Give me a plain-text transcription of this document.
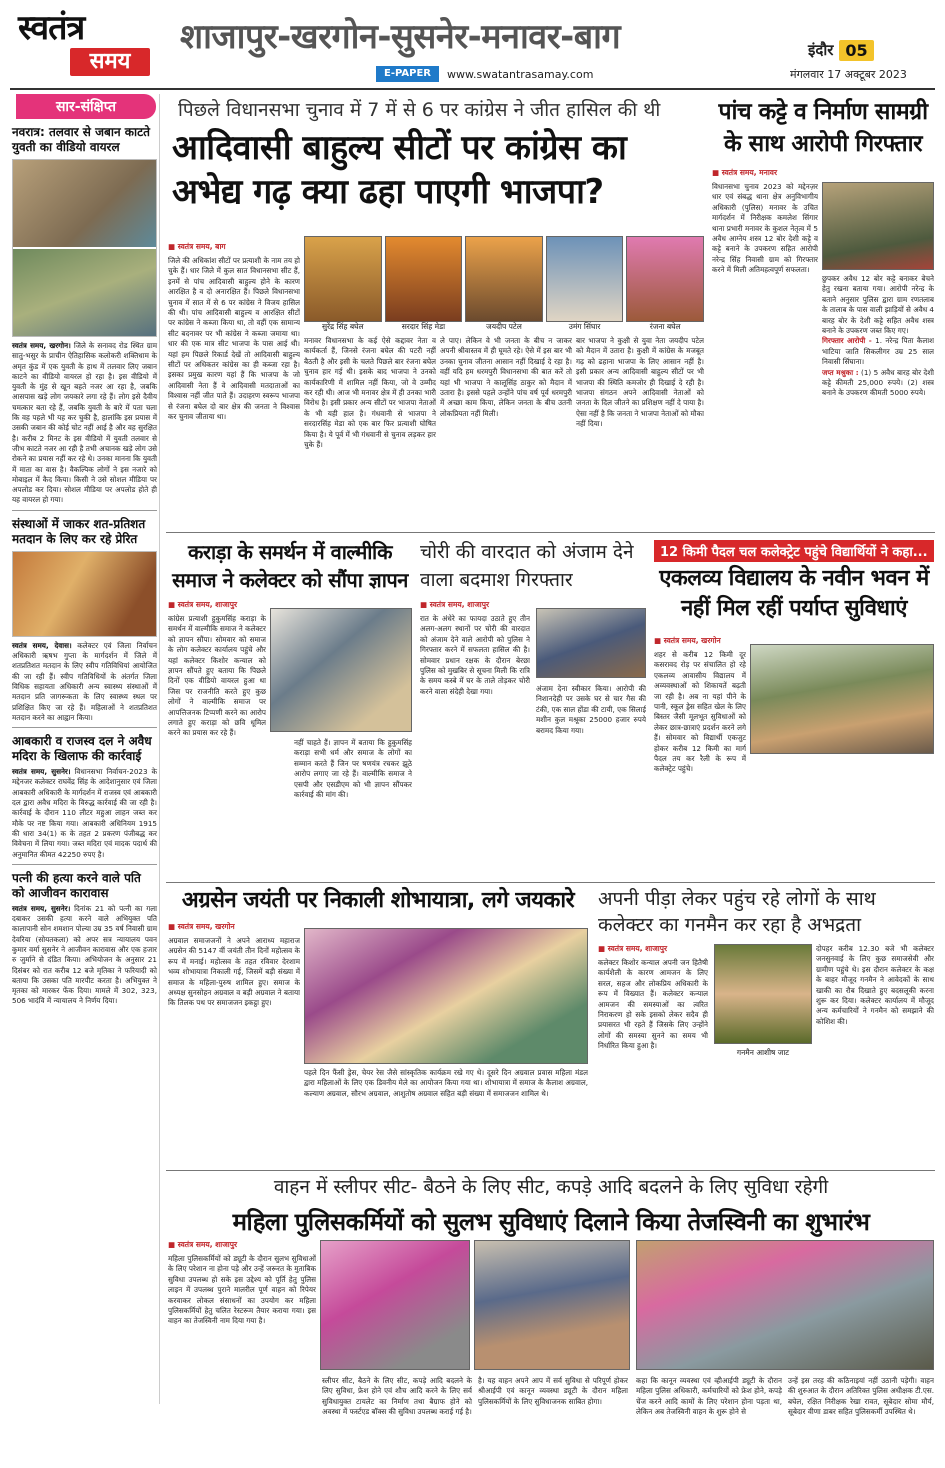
स्वतंत्र
समय
शाजापुर-खरगोन-सुसनेर-मनावर-बाग
E-PAPER	www.swatantrasamay.com
इंदौर 05
मंगलवार 17 अक्टूबर 2023
सार-संक्षिप्त
नवरात्र: तलवार से जबान काटते युवती का वीडियो वायरल
स्वतंत्र समय, खरगोन। जिले के सनावद रोड स्थित ग्राम सातु-भसुर के प्राचीन ऐतिहासिक कलोकरी शक्तिधाम के अमृत कुंड में एक युवती के हाथ में तलवार लिए जबान काटने का वीडियो वायरल हो रहा है। इस वीडियो में युवती के मुंह से खून बहते नजर आ रहा है, जबकि आसपास खड़े लोग जयकारे लगा रहे हैं। लोग इसे दैवीय चमत्कार बता रहे हैं, जबकि युवती के बारे में पता चला कि वह पहले भी यह कर चुकी है, हालांकि इस प्रयास में उसकी जबान की कोई चोट नहीं आई है और वह सुरक्षित है। करीब 2 मिनट के इस वीडियो में युवती तलवार से जीभ काटते नजर आ रही है तभी अचानक खड़े लोग उसे रोकने का प्रयास नहीं कर रहे थे। उनका मानना कि युवती में माता का वास है। वैकल्पिक लोगों ने इस नजारे को मोबाइल में कैद किया। किसी ने उसे सोशल मीडिया पर अपलोड कर दिया। सोशल मीडिया पर अपलोड होते ही यह वायरल हो गया।
संस्थाओं में जाकर शत-प्रतिशत मतदान के लिए कर रहे प्रेरित
स्वतंत्र समय, देवास। कलेक्टर एवं जिला निर्वाचन अधिकारी ऋषभ गुप्ता के मार्गदर्शन में जिले में शतप्रतिशत मतदान के लिए स्वीप गतिविधियां आयोजित की जा रही हैं। स्वीप गतिविधियों के अंतर्गत जिला विधिक सहायता अधिकारी अन्य स्वास्थ्य संस्थाओं में मतदान प्रति जागरूकता के लिए स्वास्थ्य स्थल पर प्रशिक्षित किए जा रहे हैं। महिलाओं ने शतप्रतिशत मतदान करने का आह्वान किया।
आबकारी व राजस्व दल ने अवैध मदिरा के खिलाफ की कार्रवाई
स्वतंत्र समय, सुसनेर। विधानसभा निर्वाचन-2023 के मद्देनजर कलेक्टर राघवेंद्र सिंह के आदेशानुसार एवं जिला आबकारी अधिकारी के मार्गदर्शन में राजस्व एवं आबकारी दल द्वारा अवैध मदिरा के विरुद्ध कार्रवाई की जा रही है। कार्रवाई के दौरान 110 लीटर महुआ लाहन जब्त कर मौके पर नष्ट किया गया। आबकारी अधिनियम 1915 की धारा 34(1) क के तहत 2 प्रकरण पंजीबद्ध कर विवेचना में लिया गया। जब्त मदिरा एवं मादक पदार्थ की अनुमानित कीमत 42250 रुपए है।
पत्नी की हत्या करने वाले पति को आजीवन कारावास
स्वतंत्र समय, सुसनेर। दिनांक 21 को पत्नी का गला दबाकर उसकी हत्या करने वाले अभियुक्त पति कालापानी सोन शमशान पोल्या उम्र 35 वर्ष निवासी ग्राम देवरिया (सोयतकला) को अपर सत्र न्यायालय पवन कुमार वर्मा सुसनेर ने आजीवन कारावास और एक हजार रु जुर्माने से दंडित किया। अभियोजन के अनुसार 21 दिसंबर को रात करीब 12 बजे मृतिका ने फरियादी को बताया कि उसका पति मारपीट करता है। अभियुक्त ने मृतका को मारकर फेंक दिया। मामले में 302, 323, 506 भादंवि में न्यायालय ने निर्णय दिया।
पिछले विधानसभा चुनाव में 7 में से 6 पर कांग्रेस ने जीत हासिल की थी
आदिवासी बाहुल्य सीटों पर कांग्रेस का
अभेद्य गढ़ क्या ढहा पाएगी भाजपा?
■ स्वतंत्र समय, बाग
जिले की अधिकांश सीटों पर प्रत्याशी के नाम तय हो चुके हैं। धार जिले में कुल सात विधानसभा सीट हैं, इनमें से पांच आदिवासी बाहुल्य होने के कारण आरक्षित है व दो अनारक्षित हैं। पिछले विधानसभा चुनाव में सात में से 6 पर कांग्रेस ने विजय हासिल की थी। पांच आदिवासी बाहुल्य व आरक्षित सीटों पर कांग्रेस ने कब्जा किया था, तो वहीं एक सामान्य सीट बदनावर पर भी कांग्रेस ने कब्जा जमाया था। धार की एक मात्र सीट भाजपा के पास आई थी। यहां हम पिछले रिकार्ड देखें तो आदिवासी बाहुल्य सीटों पर अधिकतर कांग्रेस का ही कब्जा रहा है। इसका प्रमुख कारण यहां हैं कि भाजपा के जो आदिवासी नेता हैं वे आदिवासी मतदाताओं का विश्वास नहीं जीत पाते हैं। उदाहरण स्वरूप भाजपा से रंजना बघेल दो बार क्षेत्र की जनता ने विश्वास कर चुनाव जीताया था।
सुरेंद्र सिंह बघेल	सरदार सिंह मेडा	जयदीप पटेल	उमंग सिंघार	रंजना बघेल
मनावर विधानसभा के कई ऐसे कद्दावर नेता व कार्यकर्ता हैं, जिनसे रंजना बघेल की पटरी नहीं बैठती है और इसी के चलते पिछले बार रंजना बघेल चुनाव हार गई थी। इसके बाद भाजपा ने उनको कार्यकारिणी में शामिल नहीं किया, जो वे उम्मीद कर रही थी। आज भी मनावर क्षेत्र में ही उनका भारी विरोध है। इसी प्रकार अन्य सीटों पर भाजपा नेताओं के भी यही हाल है। गंधवानी से भाजपा ने सरदारसिंह मेडा को एक बार फिर प्रत्याशी घोषित किया है। ये पूर्व में भी गंधवानी से चुनाव लड़कर हार चुके हैं।
ले पाए। लेकिन वे भी जनता के बीच न जाकर अपनी श्रीवास्तव में ही घूमते रहे। ऐसे में इस बार भी उनका चुनाव जीतना आसान नहीं दिखाई दे रहा है। वहीं यदि हम धरमपुरी विधानसभा की बात करें तो यहां भी भाजपा ने कालूसिंह ठाकुर को मैदान में उतारा है। इससे पहले उन्होंने पांच वर्ष पूर्व धरमपुरी में अच्छा काम किया, लेकिन जनता के बीच उतनी लोकप्रियता नहीं मिली।
बार भाजपा ने कुक्षी से युवा नेता जयदीप पटेल को मैदान में उतारा है। कुक्षी में कांग्रेस के मजबूत गढ़ को ढहाना भाजपा के लिए आसान नहीं है। इसी प्रकार अन्य आदिवासी बाहुल्य सीटों पर भी भाजपा की स्थिति कमजोर ही दिखाई दे रही है। भाजपा संगठन अपने आदिवासी नेताओं को जनता के दिल जीतने का प्रशिक्षण नहीं दे पाया है। ऐसा नहीं है कि जनता ने भाजपा नेताओं को मौका नहीं दिया।
पांच कट्टे व निर्माण सामग्री के साथ आरोपी गिरफ्तार
■ स्वतंत्र समय, मनावर
विधानसभा चुनाव 2023 को मद्देनज़र धार एवं संबद्ध थाना क्षेत्र अनुविभागीय अधिकारी (पुलिस) मनावर के उचित मार्गदर्शन में निरीक्षक कमलेश सिंगार थाना प्रभारी मनावर के कुशल नेतृत्व में 5 अवैध आग्नेय शस्त्र 12 बोर देशी कट्टे व कट्टे बनाने के उपकरण सहित आरोपी नरेन्द्र सिंह निवासी ग्राम को गिरफ्तार करने में मिली अतिमहत्वपूर्ण सफलता।
छुपकर अवैध 12 बोर कट्टे बनाकर बेचने हेतु रखना बताया गया। आरोपी नरेन्द्र के बताने अनुसार पुलिस द्वारा ग्राम रणतलाब के तालाब के पास वाली झाड़ियों से अवैध 4 बारह बोर के देशी कट्टे सहित अवैध शस्त्र बनाने के उपकरण जब्त किए गए।
गिरफ्तार आरोपी - 1. नरेन्द्र पिता कैलाश भाटिया जाति सिकलीगर उम्र 25 साल निवासी सिंघाना।
जप्त मश्रुका : (1) 5 अवैध बारह बोर देशी कट्टे कीमती 25,000 रुपये। (2) शस्त्र बनाने के उपकरण कीमती 5000 रुपये।
कराड़ा के समर्थन में वाल्मीकि समाज ने कलेक्टर को सौंपा ज्ञापन
■ स्वतंत्र समय, शाजापुर
कांग्रेस प्रत्याशी हुकुमसिंह कराड़ा के समर्थन में वाल्मीकि समाज ने कलेक्टर को ज्ञापन सौंपा। सोमवार को समाज के लोग कलेक्टर कार्यालय पहुंचे और यहां कलेक्टर किशोर कन्याल को ज्ञापन सौंपते हुए बताया कि पिछले दिनों एक वीडियो वायरल हुआ था जिस पर राजनीति करते हुए कुछ लोगों ने वाल्मीकि समाज पर आपत्तिजनक टिप्पणी करने का आरोप लगाते हुए कराड़ा को छवि धूमिल करने का प्रयास कर रहे हैं।
नहीं चाहते हैं। ज्ञापन में बताया कि हुकुमसिंह कराड़ा सभी धर्म और समाज के लोगों का सम्मान करते हैं जिन पर षणयंत्र रचकर झूठे आरोप लगाए जा रहे हैं। वाल्मीकि समाज ने एसपी और एसडीएम को भी ज्ञापन सौंपकर कार्रवाई की मांग की।
चोरी की वारदात को अंजाम देने वाला बदमाश गिरफ्तार
■ स्वतंत्र समय, शाजापुर
रात के अंधेरे का फायदा उठाते हुए तीन अलग-अलग स्थानों पर चोरी की वारदात को अंजाम देने वाले आरोपी को पुलिस ने गिरफ्तार करने में सफलता हासिल की है। सोमवार प्रधान रक्षक के दौरान बेरछा पुलिस को मुखबिर से सूचना मिली कि रात्रि के समय कस्बे में घर के ताले तोड़कर चोरी करने वाला संदेही देखा गया।	अंजाम देना स्वीकार किया। आरोपी की निशानदेही पर उसके घर से चार गैस की टंकी, एक साल होंडा की टायी, एक सिलाई मशीन कुल मश्रूका 25000 हजार रुपये बरामद किया गया।
12 किमी पैदल चल कलेक्ट्रेट पहुंचे विद्यार्थियों ने कहा...
एकलव्य विद्यालय के नवीन भवन में नहीं मिल रहीं पर्याप्त सुविधाएं
■ स्वतंत्र समय, खरगोन
शहर से करीब 12 किमी दूर कसरावद रोड़ पर संचालित हो रहे एकलव्य आवासीय विद्यालय में अव्यवस्थाओं को शिकायतें बढ़ती जा रही है। अब ना यहां पीने के पानी, स्कूल ड्रेस सहित खेल के लिए बिस्तर जैसी मूलभूत सुविधाओं को लेकर छात्र-छात्राएं प्रदर्शन करने लगे हैं। सोमवार को विद्यार्थी एकजुट होकर करीब 12 किमी का मार्ग पैदल तय कर रैली के रूप में कलेक्ट्रेट पहुंचे।
अग्रसेन जयंती पर निकाली शोभायात्रा, लगे जयकारे
■ स्वतंत्र समय, खरगोन
अग्रवाल समाजजनों ने अपने आराध्य महाराज अग्रसेन की 5147 वीं जयंती तीन दिनों महोत्सव के रूप में मनाई। महोत्सव के तहत रविवार देरशाम भव्य शोभायात्रा निकाली गई, जिसमें बड़ी संख्या में समाज के महिला-पुरुष शामिल हुए। समाज के अध्यक्ष सुनसोहन अग्रवाल व बड़ी अग्रवाल ने बताया कि तिलक पथ पर समाजजन इकट्ठा हुए।
पहले दिन फैंसी ड्रेस, चेयर रेस जैसे सांस्कृतिक कार्यक्रम रखे गए थे। दूसरे दिन अग्रवाल प्रवास महिला मंडल द्वारा महिलाओं के लिए एक डिवनीय मेले का आयोजन किया गया था। शोभायात्रा में समाज के कैलाश अग्रवाल, कल्याण अग्रवाल, सौरभ अग्रवाल, आशुतोष अग्रवाल सहित बड़ी संख्या में समाजजन शामिल थे।
अपनी पीड़ा लेकर पहुंच रहे लोगों के साथ कलेक्टर का गनमैन कर रहा है अभद्रता
■ स्वतंत्र समय, शाजापुर
कलेक्टर किशोर कन्याल अपनी जन हितैषी कार्यशैली के कारण आमजन के लिए सरल, सहज और लोकप्रिय अधिकारी के रूप में विख्यात हैं। कलेक्टर कन्याल आमजन की समस्याओं का त्वरित निराकरण हो सके इसको लेकर सदैव ही प्रयासरत भी रहते हैं जिसके लिए उन्होंने लोगों की समस्या सुनने का समय भी निर्धारित किया हुआ है।
गनमैन आशीष जाट
दोपहर करीब 12.30 बजे भी कलेक्टर जनसुनवाई के लिए कुछ समाजसेवी और ग्रामीण पहुंचे थे। इस दौरान कलेक्टर के कक्ष के बाहर मौजूद गनमैन ने आवेदकों के साथ खाकी का रौब दिखाते हुए बदसलूकी करना शुरू कर दिया। कलेक्टर कार्यालय में मौजूद अन्य कर्मचारियों ने गनमैन को समझाने की कोशिश की।
वाहन में स्लीपर सीट- बैठने के लिए सीट, कपड़े आदि बदलने के लिए सुविधा रहेगी
महिला पुलिसकर्मियों को सुलभ सुविधाएं दिलाने किया तेजस्विनी का शुभारंभ
■ स्वतंत्र समय, शाजापुर
महिला पुलिसकर्मियों को ड्यूटी के दौरान सुलभ सुविधाओं के लिए परेशान ना होना पड़े और उन्हें जरूरत के मुताबिक सुविधा उपलब्ध हो सके इस उद्देश्य को पूर्ति हेतु पुलिस लाइन में उपलब्ध पुराने मालरील पूर्ण वाहन को रिपेयर करवाकर लोकल संसाधनों का उपयोग कर महिला पुलिसकर्मियों हेतु चलित रेस्टरूम तैयार कराया गया। इस वाहन का तेजस्विनी नाम दिया गया है।
स्लीपर सीट, बैठने के लिए सीट, कपड़े आदि बदलने के लिए सुविधा, फ्रेश होने एवं शौच आदि करने के लिए सर्व सुविधायुक्त टायलेट का निर्माण तथा बैग्राफ होने को अवस्था में फर्स्टएड बॉक्स की सुविधा उपलब्ध कराई गई है।
है। यह वाहन अपने आप में सर्व सुविधा से परिपूर्ण होकर श्रीआईपी एवं कानून व्यवस्था ड्यूटी के दौरान महिला पुलिसकर्मियों के लिए सुविधाजनक साबित होगा।
कहा कि कानून व्यवस्था एवं व्हीआईपी ड्यूटी के दौरान महिला पुलिस अधिकारी, कर्मचारियों को फ्रेश होने, कपड़े चेंज करने आदि कामों के लिए परेशान होना पड़ता था, लेकिन अब तेजस्विनी वाहन के शुरू होने से
उन्हें इस तरह की कठिनाइयां नहीं उठानी पड़ेगी। वाहन की शुरुआत के दौरान अतिरिक्त पुलिस अधीक्षक टी.एस. बघेल, रक्षित निरीक्षक रेखा रावत, सूबेदार सोमा मौर्य, सूबेदार वीणा डाबर सहित पुलिसकर्मी उपस्थित थे।
